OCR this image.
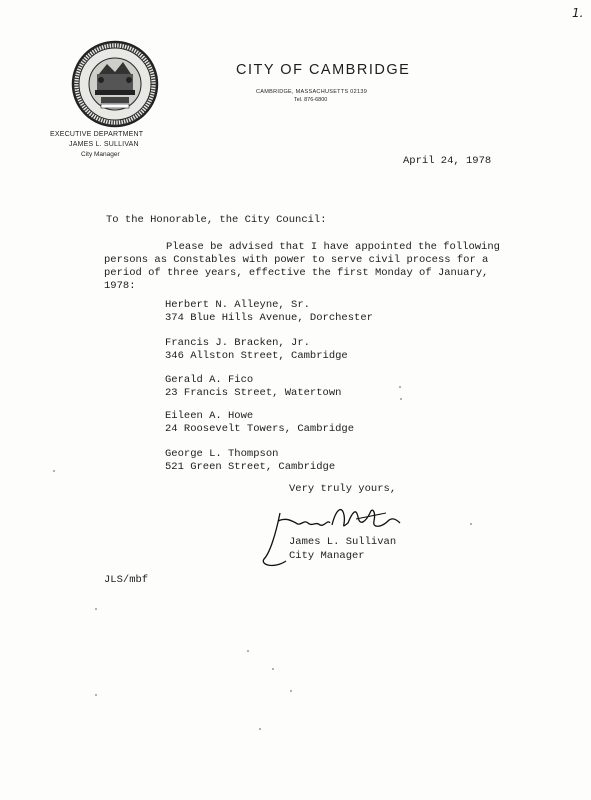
1.
CITY OF CAMBRIDGE
CAMBRIDGE, MASSACHUSETTS 02139
Tel. 876-6800
EXECUTIVE DEPARTMENT
JAMES L. SULLIVAN
City Manager
April 24, 1978
To the Honorable, the City Council:
Please be advised that I have appointed the following
persons as Constables with power to serve civil process for a
period of three years, effective the first Monday of January,
1978:
Herbert N. Alleyne, Sr.
374 Blue Hills Avenue, Dorchester
Francis J. Bracken, Jr.
346 Allston Street, Cambridge
Gerald A. Fico
23 Francis Street, Watertown
Eileen A. Howe
24 Roosevelt Towers, Cambridge
George L. Thompson
521 Green Street, Cambridge
Very truly yours,
James L. Sullivan
City Manager
JLS/mbf
